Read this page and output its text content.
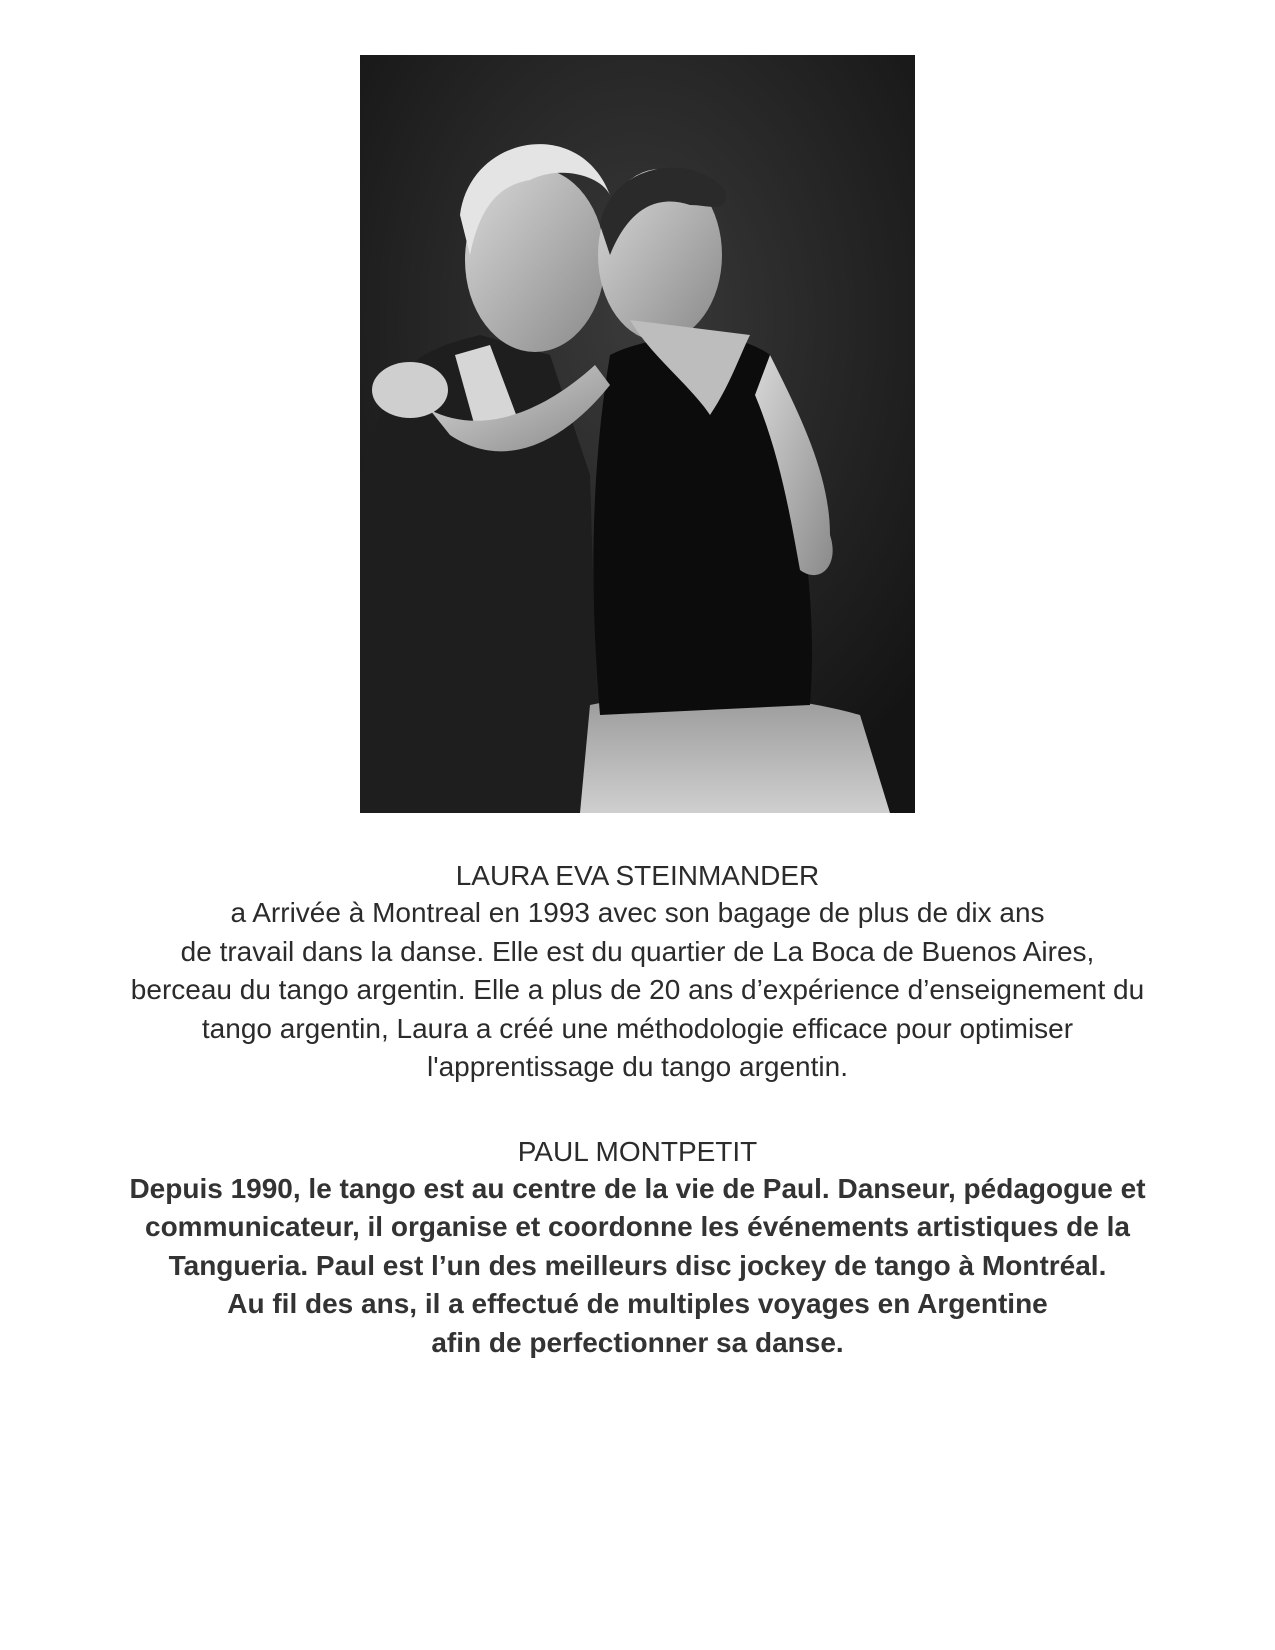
LAURA EVA STEINMANDER

a Arrivée à Montreal en 1993 avec son bagage de plus de dix ans

de travail dans la danse. Elle est du quartier de La Boca de Buenos Aires,

berceau du tango argentin. Elle a plus de 20 ans d’expérience d’enseignement du

tango argentin, Laura a créé une méthodologie efficace pour optimiser

l'apprentissage du tango argentin.

PAUL MONTPETIT

Depuis 1990, le tango est au centre de la vie de Paul. Danseur, pédagogue et

communicateur, il organise et coordonne les événements artistiques de la

Tangueria. Paul est l’un des meilleurs disc jockey de tango à Montréal.

Au fil des ans, il a effectué de multiples voyages en Argentine

afin de perfectionner sa danse.
